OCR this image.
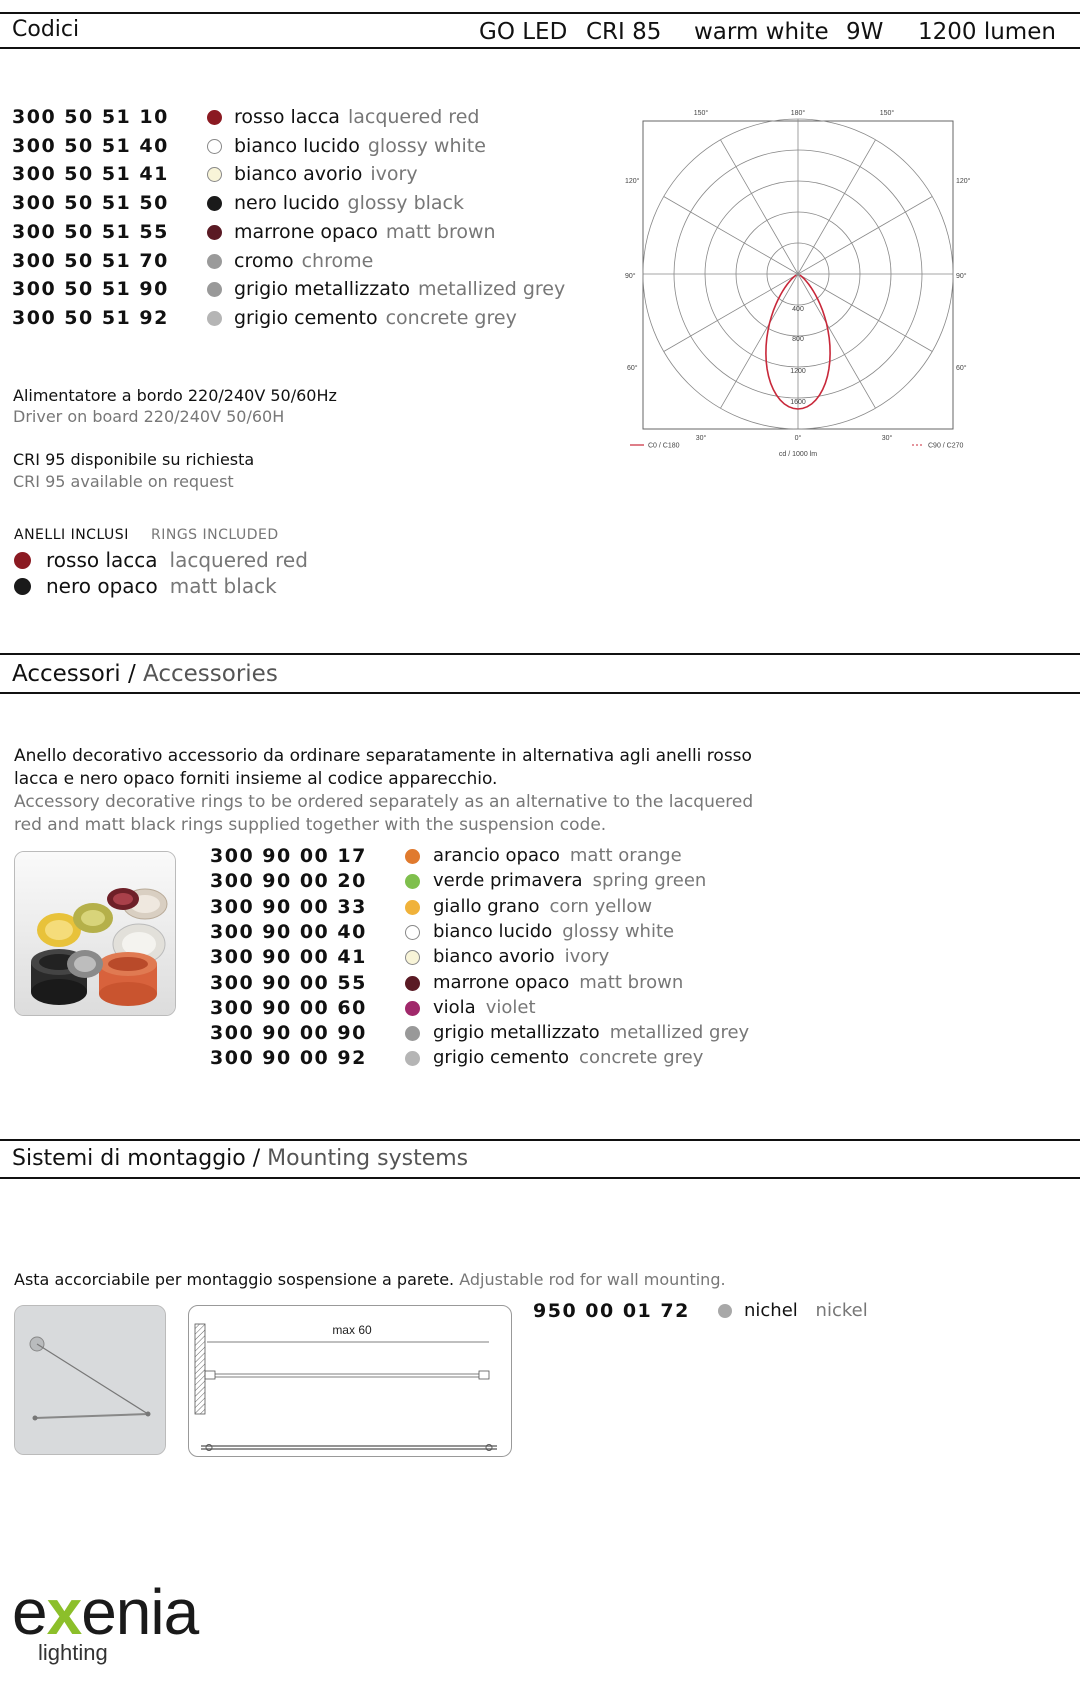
Codici	GO LED CRI 85 warm white 9W 1200 lumen
300 50 51 10	rosso lacca lacquered red
300 50 51 40	bianco lucido glossy white
300 50 51 41	bianco avorio ivory
300 50 51 50	nero lucido glossy black
300 50 51 55	marrone opaco matt brown
300 50 51 70	cromo chrome
300 50 51 90	grigio metallizzato metallized grey
300 50 51 92	grigio cemento concrete grey
Alimentatore a bordo 220/240V 50/60Hz
Driver on board 220/240V 50/60H
CRI 95 disponibile su richiesta
CRI 95 available on request
ANELLI INCLUSI RINGS INCLUDED
rosso lacca lacquered red
nero opaco matt black
150°	180°	150°
120°
90°
60°
120°
90°
60°
30°	0°	30°
400
800
1200
1600
C0 / C180	C90 / C270
cd / 1000 lm
Accessori / Accessories
Anello decorativo accessorio da ordinare separatamente in alternativa agli anelli rosso
lacca e nero opaco forniti insieme al codice apparecchio.
Accessory decorative rings to be ordered separately as an alternative to the lacquered
red and matt black rings supplied together with the suspension code.
300 90 00 17	arancio opaco matt orange
300 90 00 20	verde primavera spring green
300 90 00 33	giallo grano corn yellow
300 90 00 40	bianco lucido glossy white
300 90 00 41	bianco avorio ivory
300 90 00 55	marrone opaco matt brown
300 90 00 60	viola violet
300 90 00 90	grigio metallizzato metallized grey
300 90 00 92	grigio cemento concrete grey
Sistemi di montaggio / Mounting systems
Asta accorciabile per montaggio sospensione a parete. Adjustable rod for wall mounting.
max 60
950 00 01 72	nichel nickel
exenia
lighting
